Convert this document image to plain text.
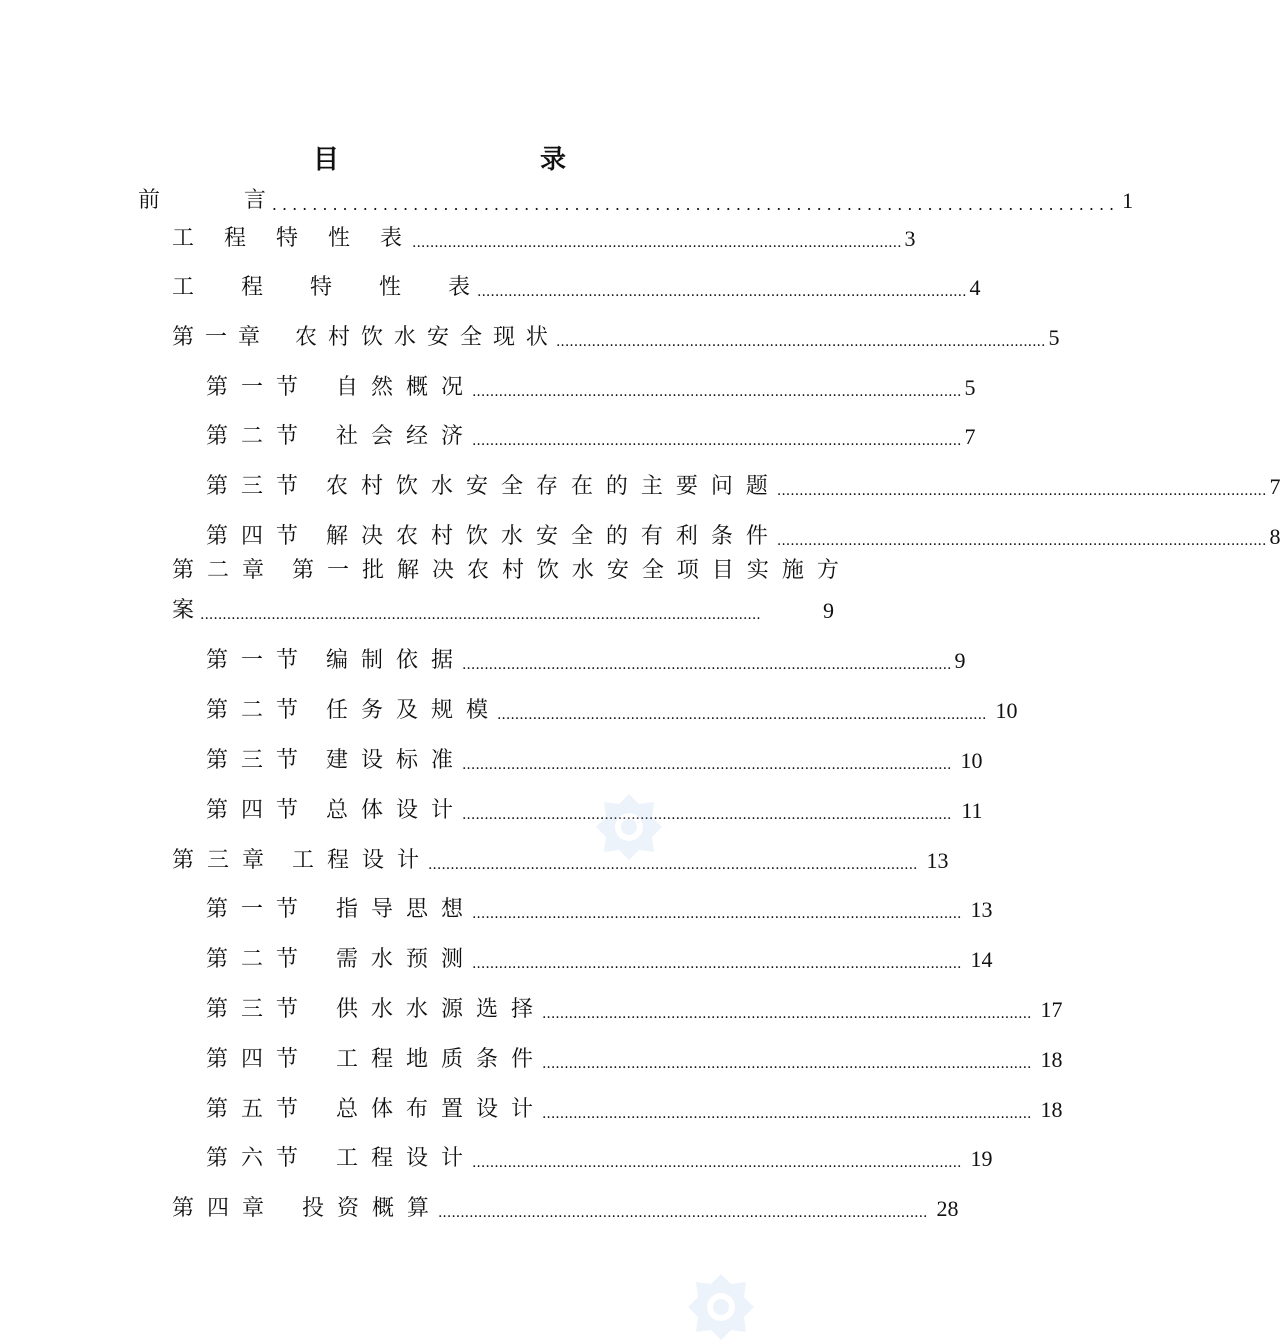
目 录
前            言 .................................................................................... 1
工　程　特　性　表 .............................................................................................................. 3
工　　程　　特　　性　　表 .............................................................................................................. 4
第 一 章　 农 村 饮 水 安 全 现 状 .............................................................................................................. 5
第 一 节　 自 然 概 况 .............................................................................................................. 5
第 二 节　 社 会 经 济 .............................................................................................................. 7
第 三 节　农 村 饮 水 安 全 存 在 的 主 要 问 题 .............................................................................................................. 7
第 四 节　解 决 农 村 饮 水 安 全 的 有 利 条 件 .............................................................................................................. 8
第 二 章　第 一 批 解 决 农 村 饮 水 安 全 项 目 实 施 方
案 ..............................................................................................................................	9
第 一 节　编 制 依 据 .............................................................................................................. 9
第 二 节　任 务 及 规 模 .............................................................................................................. 10
第 三 节　建 设 标 准 .............................................................................................................. 10
第 四 节　总 体 设 计 .............................................................................................................. 11
第 三 章　工 程 设 计 .............................................................................................................. 13
第 一 节　 指 导 思 想 .............................................................................................................. 13
第 二 节　 需 水 预 测 .............................................................................................................. 14
第 三 节　 供 水 水 源 选 择 .............................................................................................................. 17
第 四 节　 工 程 地 质 条 件 .............................................................................................................. 18
第 五 节　 总 体 布 置 设 计 .............................................................................................................. 18
第 六 节　 工 程 设 计 .............................................................................................................. 19
第 四 章　 投 资 概 算 .............................................................................................................. 28
